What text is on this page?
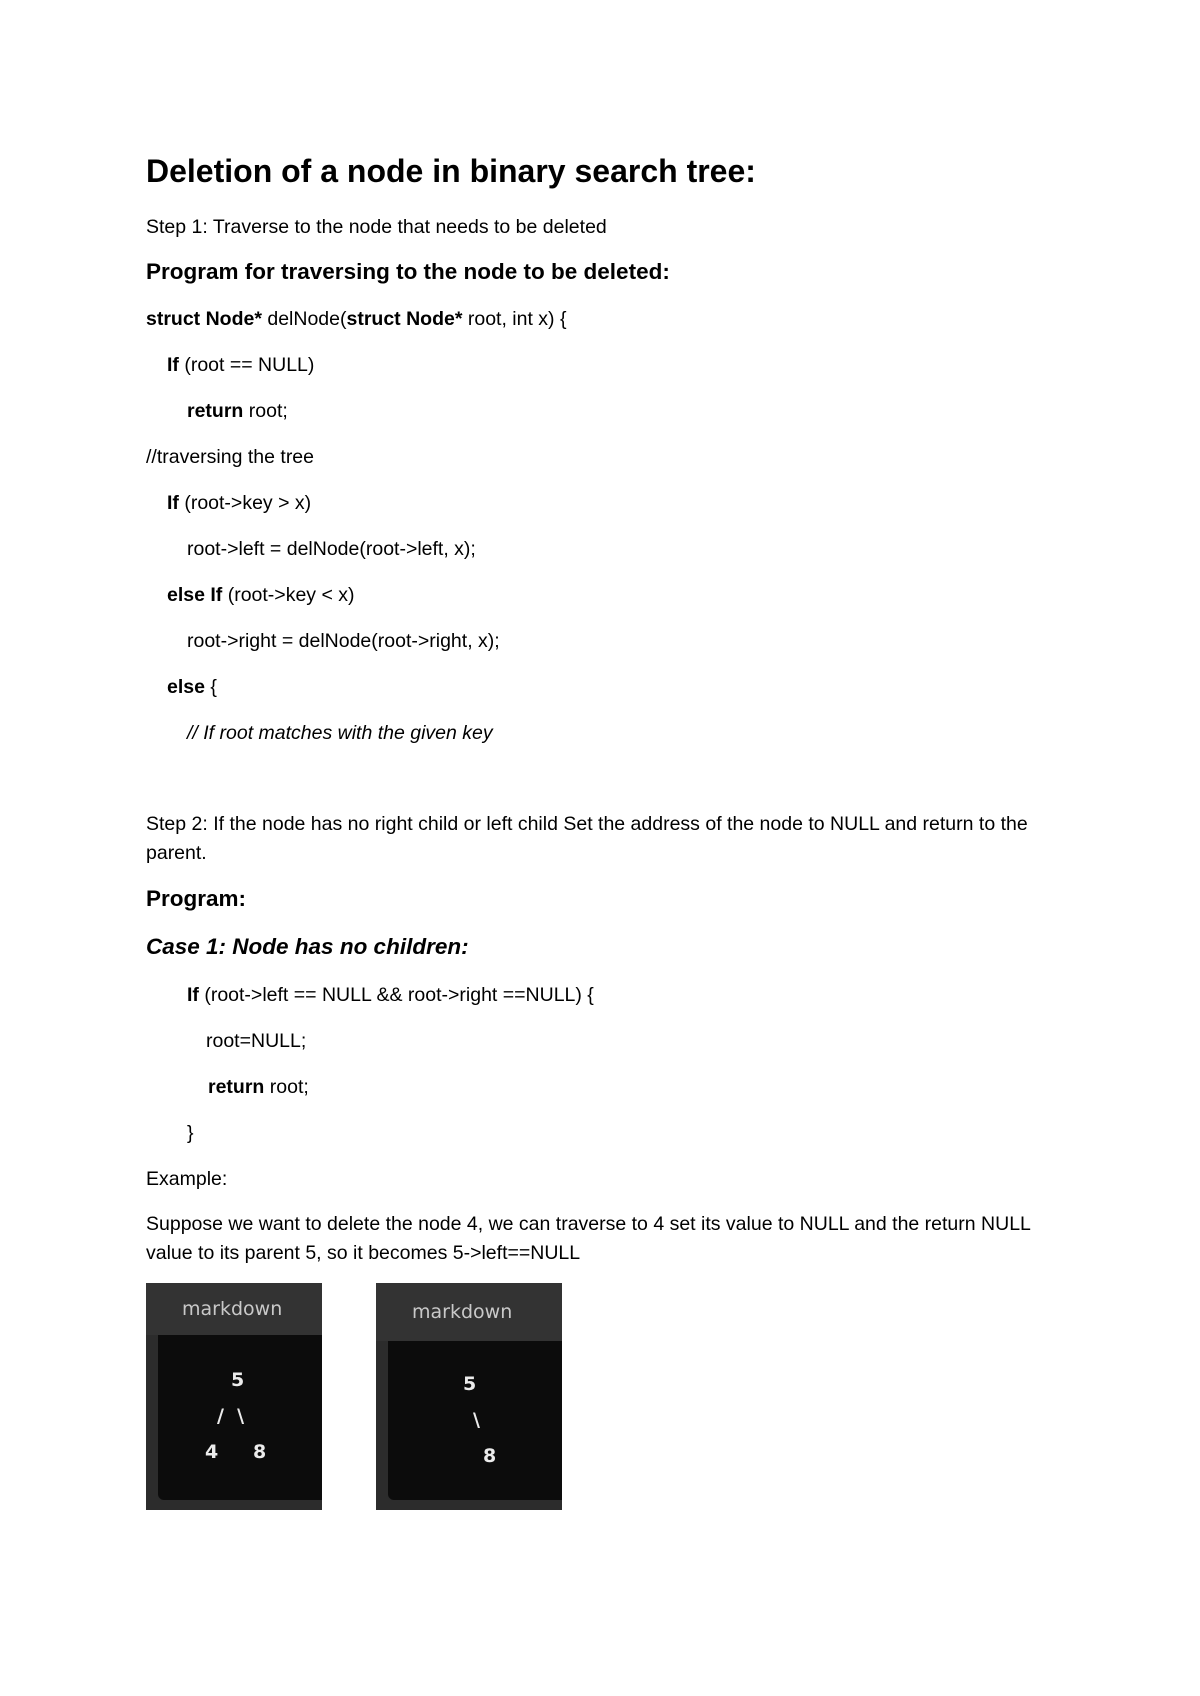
Deletion of a node in binary search tree:
Step 1: Traverse to the node that needs to be deleted
Program for traversing to the node to be deleted:
struct Node* delNode(struct Node* root, int x) {
If (root == NULL)
return root;
//traversing the tree
If (root->key > x)
root->left = delNode(root->left, x);
else If (root->key < x)
root->right = delNode(root->right, x);
else {
// If root matches with the given key
Step 2: If the node has no right child or left child Set the address of the node to NULL and return to the parent.
Program:
Case 1: Node has no children:
If (root->left == NULL && root->right ==NULL) {
root=NULL;
return root;
}
Example:
Suppose we want to delete the node 4, we can traverse to 4 set its value to NULL and the return NULL value to its parent 5, so it becomes 5->left==NULL
markdown
5
/  \
4 8
markdown
5
\
8
